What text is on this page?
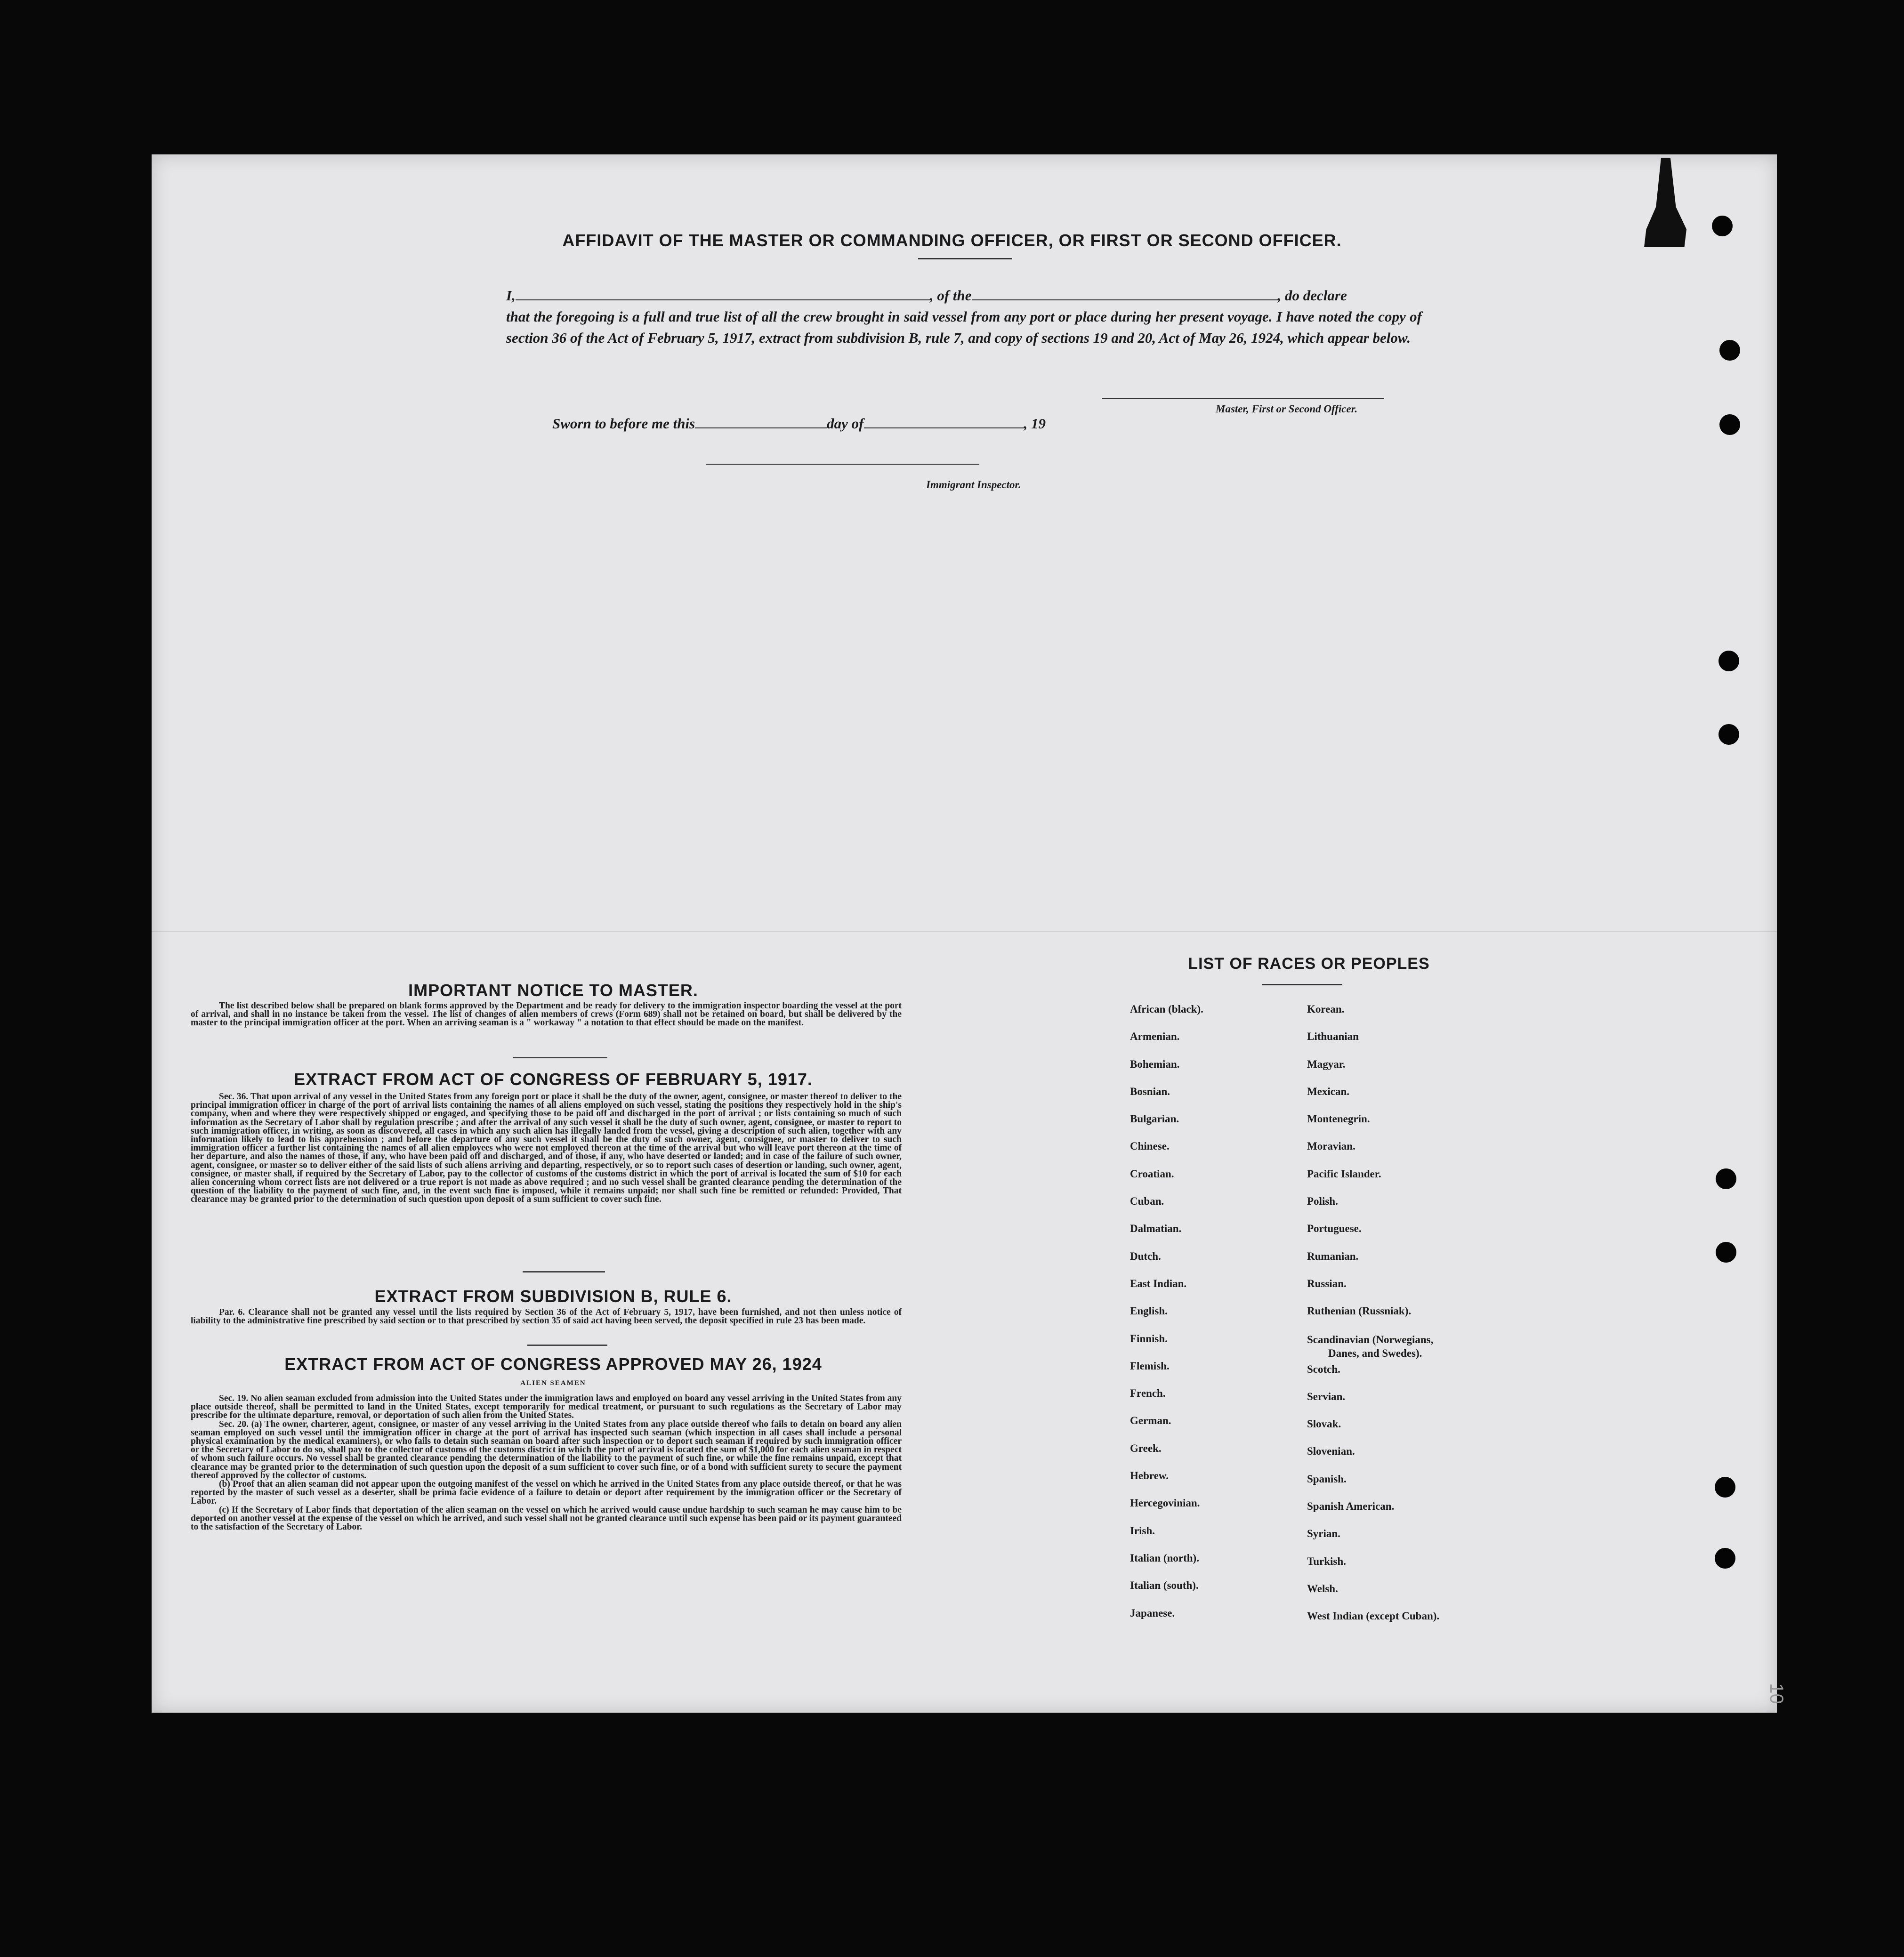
AFFIDAVIT OF THE MASTER OR COMMANDING OFFICER, OR FIRST OR SECOND OFFICER.
I,	, of the	, do declare
that the foregoing is a full and true list of all the crew brought in said vessel from any port or place during her present voyage. I have noted the copy of section 36 of the Act of February 5, 1917, extract from subdivision B, rule 7, and copy of sections 19 and 20, Act of May 26, 1924, which appear below.
Master, First or Second Officer.
Sworn to before me this	day of	, 19
Immigrant Inspector.
IMPORTANT NOTICE TO MASTER.

The list described below shall be prepared on blank forms approved by the Department and be ready for delivery to the immigration inspector boarding the vessel at the port of arrival, and shall in no instance be taken from the vessel. The list of changes of alien members of crews (Form 689) shall not be retained on board, but shall be delivered by the master to the principal immigration officer at the port. When an arriving seaman is a " workaway " a notation to that effect should be made on the manifest.

EXTRACT FROM ACT OF CONGRESS OF FEBRUARY 5, 1917.

Sec. 36. That upon arrival of any vessel in the United States from any foreign port or place it shall be the duty of the owner, agent, consignee, or master thereof to deliver to the principal immigration officer in charge of the port of arrival lists containing the names of all aliens employed on such vessel, stating the positions they respectively hold in the ship's company, when and where they were respectively shipped or engaged, and specifying those to be paid off and discharged in the port of arrival ; or lists containing so much of such information as the Secretary of Labor shall by regulation prescribe ; and after the arrival of any such vessel it shall be the duty of such owner, agent, consignee, or master to report to such immigration officer, in writing, as soon as discovered, all cases in which any such alien has illegally landed from the vessel, giving a description of such alien, together with any information likely to lead to his apprehension ; and before the departure of any such vessel it shall be the duty of such owner, agent, consignee, or master to deliver to such immigration officer a further list containing the names of all alien employees who were not employed thereon at the time of the arrival but who will leave port thereon at the time of her departure, and also the names of those, if any, who have been paid off and discharged, and of those, if any, who have deserted or landed; and in case of the failure of such owner, agent, consignee, or master so to deliver either of the said lists of such aliens arriving and departing, respectively, or so to report such cases of desertion or landing, such owner, agent, consignee, or master shall, if required by the Secretary of Labor, pay to the collector of customs of the customs district in which the port of arrival is located the sum of $10 for each alien concerning whom correct lists are not delivered or a true report is not made as above required ; and no such vessel shall be granted clearance pending the determination of the question of the liability to the payment of such fine, and, in the event such fine is imposed, while it remains unpaid; nor shall such fine be remitted or refunded: Provided, That clearance may be granted prior to the determination of such question upon deposit of a sum sufficient to cover such fine.

EXTRACT FROM SUBDIVISION B, RULE 6.

Par. 6. Clearance shall not be granted any vessel until the lists required by Section 36 of the Act of February 5, 1917, have been furnished, and not then unless notice of liability to the administrative fine prescribed by said section or to that prescribed by section 35 of said act having been served, the deposit specified in rule 23 has been made.

EXTRACT FROM ACT OF CONGRESS APPROVED MAY 26, 1924
ALIEN SEAMEN

Sec. 19. No alien seaman excluded from admission into the United States under the immigration laws and employed on board any vessel arriving in the United States from any place outside thereof, shall be permitted to land in the United States, except temporarily for medical treatment, or pursuant to such regulations as the Secretary of Labor may prescribe for the ultimate departure, removal, or deportation of such alien from the United States.

Sec. 20. (a) The owner, charterer, agent, consignee, or master of any vessel arriving in the United States from any place outside thereof who fails to detain on board any alien seaman employed on such vessel until the immigration officer in charge at the port of arrival has inspected such seaman (which inspection in all cases shall include a personal physical examination by the medical examiners), or who fails to detain such seaman on board after such inspection or to deport such seaman if required by such immigration officer or the Secretary of Labor to do so, shall pay to the collector of customs of the customs district in which the port of arrival is located the sum of $1,000 for each alien seaman in respect of whom such failure occurs. No vessel shall be granted clearance pending the determination of the liability to the payment of such fine, or while the fine remains unpaid, except that clearance may be granted prior to the determination of such question upon the deposit of a sum sufficient to cover such fine, or of a bond with sufficient surety to secure the payment thereof approved by the collector of customs.

(b) Proof that an alien seaman did not appear upon the outgoing manifest of the vessel on which he arrived in the United States from any place outside thereof, or that he was reported by the master of such vessel as a deserter, shall be prima facie evidence of a failure to detain or deport after requirement by the immigration officer or the Secretary of Labor.

(c) If the Secretary of Labor finds that deportation of the alien seaman on the vessel on which he arrived would cause undue hardship to such seaman he may cause him to be deported on another vessel at the expense of the vessel on which he arrived, and such vessel shall not be granted clearance until such expense has been paid or its payment guaranteed to the satisfaction of the Secretary of Labor.

LIST OF RACES OR PEOPLES
African (black).
Armenian.
Bohemian.
Bosnian.
Bulgarian.
Chinese.
Croatian.
Cuban.
Dalmatian.
Dutch.
East Indian.
English.
Finnish.
Flemish.
French.
German.
Greek.
Hebrew.
Hercegovinian.
Irish.
Italian (north).
Italian (south).
Japanese.
Korean.
Lithuanian
Magyar.
Mexican.
Montenegrin.
Moravian.
Pacific Islander.
Polish.
Portuguese.
Rumanian.
Russian.
Ruthenian (Russniak).
Scandinavian (Norwegians,
Danes, and Swedes).
Scotch.
Servian.
Slovak.
Slovenian.
Spanish.
Spanish American.
Syrian.
Turkish.
Welsh.
West Indian (except Cuban).
10
